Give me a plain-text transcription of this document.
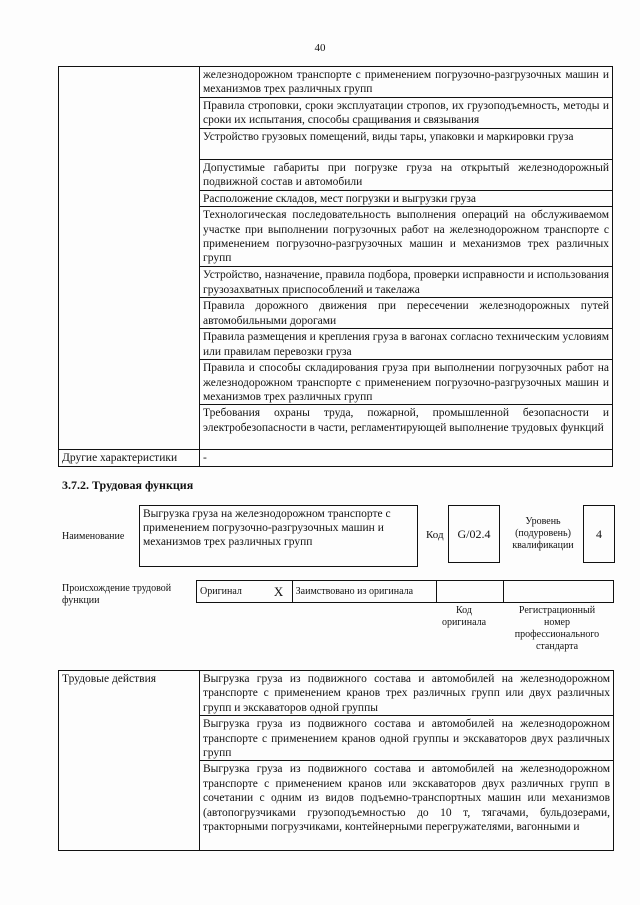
40
	железнодорожном транспорте с применением погрузочно-разгрузочных машин и механизмов трех различных групп
	Правила строповки, сроки эксплуатации стропов, их грузоподъемность, методы и сроки их испытания, способы сращивания и связывания
	Устройство грузовых помещений, виды тары, упаковки и маркировки груза
	Допустимые габариты при погрузке груза на открытый железнодорожный подвижной состав и автомобили
	Расположение складов, мест погрузки и выгрузки груза
	Технологическая последовательность выполнения операций на обслуживаемом участке при выполнении погрузочных работ на железнодорожном транспорте с применением погрузочно-разгрузочных машин и механизмов трех различных групп
	Устройство, назначение, правила подбора, проверки исправности и использования грузозахватных приспособлений и такелажа
	Правила дорожного движения при пересечении железнодорожных путей автомобильными дорогами
	Правила размещения и крепления груза в вагонах согласно техническим условиям или правилам перевозки груза
	Правила и способы складирования груза при выполнении погрузочных работ на железнодорожном транспорте с применением погрузочно-разгрузочных машин и механизмов трех различных групп
	Требования охраны труда, пожарной, промышленной безопасности и электробезопасности в части, регламентирующей выполнение трудовых функций
Другие характеристики	-
3.7.2. Трудовая функция
Наименование
Выгрузка груза на железнодорожном транспорте с применением погрузочно-разгрузочных машин и механизмов трех различных групп
Код	G/02.4
Уровень (подуровень) квалификации
4
Происхождение трудовой функции
Оригинал	X	Заимствовано из оригинала		
Код оригинала
Регистрационный номер профессионального стандарта
Трудовые действия	Выгрузка груза из подвижного состава и автомобилей на железнодорожном транспорте с применением кранов трех различных групп или двух различных групп и экскаваторов одной группы
Выгрузка груза из подвижного состава и автомобилей на железнодорожном транспорте с применением кранов одной группы и экскаваторов двух различных групп
Выгрузка груза из подвижного состава и автомобилей на железнодорожном транспорте с применением кранов или экскаваторов двух различных групп в сочетании с одним из видов подъемно-транспортных машин или механизмов (автопогрузчиками грузоподъемностью до 10 т, тягачами, бульдозерами, тракторными погрузчиками, контейнерными перегружателями, вагонными и
